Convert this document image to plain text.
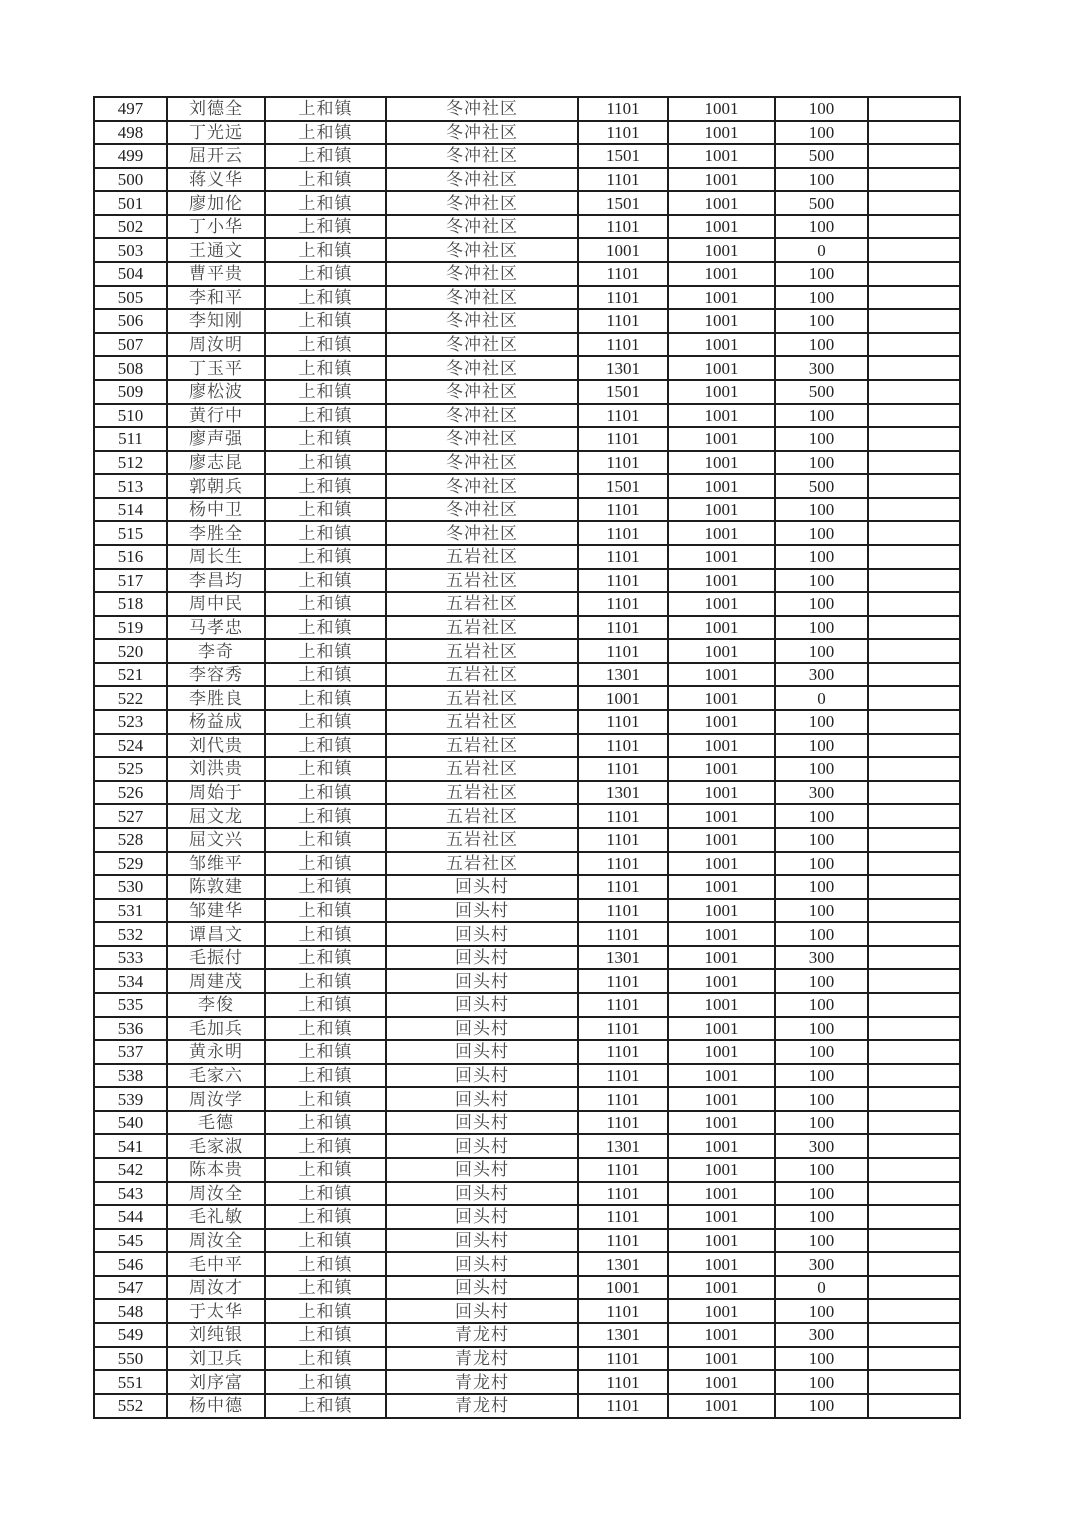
497	刘德全	上和镇	冬冲社区	1101	1001	100	
498	丁光远	上和镇	冬冲社区	1101	1001	100	
499	屈开云	上和镇	冬冲社区	1501	1001	500	
500	蒋义华	上和镇	冬冲社区	1101	1001	100	
501	廖加伦	上和镇	冬冲社区	1501	1001	500	
502	丁小华	上和镇	冬冲社区	1101	1001	100	
503	王通文	上和镇	冬冲社区	1001	1001	0	
504	曹平贵	上和镇	冬冲社区	1101	1001	100	
505	李和平	上和镇	冬冲社区	1101	1001	100	
506	李知刚	上和镇	冬冲社区	1101	1001	100	
507	周汝明	上和镇	冬冲社区	1101	1001	100	
508	丁玉平	上和镇	冬冲社区	1301	1001	300	
509	廖松波	上和镇	冬冲社区	1501	1001	500	
510	黄行中	上和镇	冬冲社区	1101	1001	100	
511	廖声强	上和镇	冬冲社区	1101	1001	100	
512	廖志昆	上和镇	冬冲社区	1101	1001	100	
513	郭朝兵	上和镇	冬冲社区	1501	1001	500	
514	杨中卫	上和镇	冬冲社区	1101	1001	100	
515	李胜全	上和镇	冬冲社区	1101	1001	100	
516	周长生	上和镇	五岩社区	1101	1001	100	
517	李昌均	上和镇	五岩社区	1101	1001	100	
518	周中民	上和镇	五岩社区	1101	1001	100	
519	马孝忠	上和镇	五岩社区	1101	1001	100	
520	李奇	上和镇	五岩社区	1101	1001	100	
521	李容秀	上和镇	五岩社区	1301	1001	300	
522	李胜良	上和镇	五岩社区	1001	1001	0	
523	杨益成	上和镇	五岩社区	1101	1001	100	
524	刘代贵	上和镇	五岩社区	1101	1001	100	
525	刘洪贵	上和镇	五岩社区	1101	1001	100	
526	周始于	上和镇	五岩社区	1301	1001	300	
527	屈文龙	上和镇	五岩社区	1101	1001	100	
528	屈文兴	上和镇	五岩社区	1101	1001	100	
529	邹维平	上和镇	五岩社区	1101	1001	100	
530	陈敦建	上和镇	回头村	1101	1001	100	
531	邹建华	上和镇	回头村	1101	1001	100	
532	谭昌文	上和镇	回头村	1101	1001	100	
533	毛振付	上和镇	回头村	1301	1001	300	
534	周建茂	上和镇	回头村	1101	1001	100	
535	李俊	上和镇	回头村	1101	1001	100	
536	毛加兵	上和镇	回头村	1101	1001	100	
537	黄永明	上和镇	回头村	1101	1001	100	
538	毛家六	上和镇	回头村	1101	1001	100	
539	周汝学	上和镇	回头村	1101	1001	100	
540	毛德	上和镇	回头村	1101	1001	100	
541	毛家淑	上和镇	回头村	1301	1001	300	
542	陈本贵	上和镇	回头村	1101	1001	100	
543	周汝全	上和镇	回头村	1101	1001	100	
544	毛礼敏	上和镇	回头村	1101	1001	100	
545	周汝全	上和镇	回头村	1101	1001	100	
546	毛中平	上和镇	回头村	1301	1001	300	
547	周汝才	上和镇	回头村	1001	1001	0	
548	于太华	上和镇	回头村	1101	1001	100	
549	刘纯银	上和镇	青龙村	1301	1001	300	
550	刘卫兵	上和镇	青龙村	1101	1001	100	
551	刘序富	上和镇	青龙村	1101	1001	100	
552	杨中德	上和镇	青龙村	1101	1001	100	
